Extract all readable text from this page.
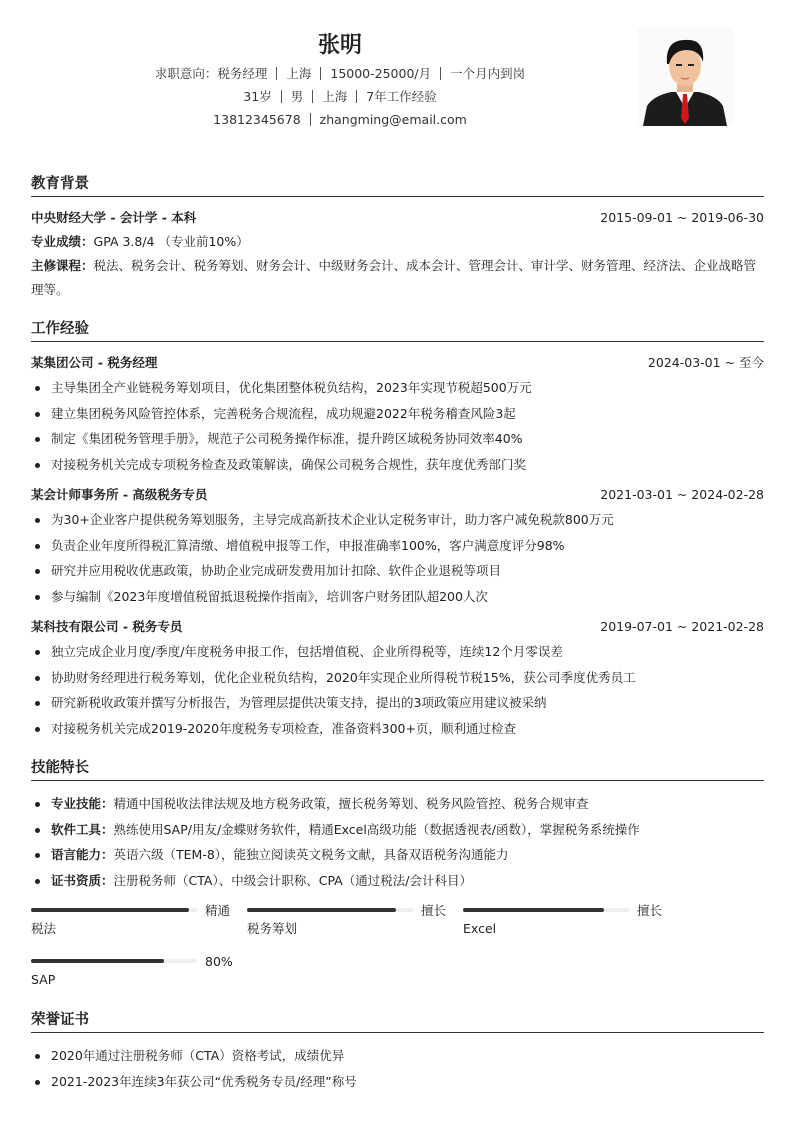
张明
求职意向：税务经理 上海 15000-25000/月 一个月内到岗
31岁 男 上海 7年工作经验
13812345678 zhangming@email.com
教育背景
中央财经大学 - 会计学 - 本科	2015-09-01 ~ 2019-06-30
专业成绩：GPA 3.8/4 （专业前10%）
主修课程：税法、税务会计、税务筹划、财务会计、中级财务会计、成本会计、管理会计、审计学、财务管理、经济法、企业战略管理等。
工作经验
某集团公司 - 税务经理	2024-03-01 ~ 至今
主导集团全产业链税务筹划项目，优化集团整体税负结构，2023年实现节税超500万元
建立集团税务风险管控体系，完善税务合规流程，成功规避2022年税务稽查风险3起
制定《集团税务管理手册》，规范子公司税务操作标准，提升跨区域税务协同效率40%
对接税务机关完成专项税务检查及政策解读，确保公司税务合规性，获年度优秀部门奖
某会计师事务所 - 高级税务专员	2021-03-01 ~ 2024-02-28
为30+企业客户提供税务筹划服务，主导完成高新技术企业认定税务审计，助力客户减免税款800万元
负责企业年度所得税汇算清缴、增值税申报等工作，申报准确率100%，客户满意度评分98%
研究并应用税收优惠政策，协助企业完成研发费用加计扣除、软件企业退税等项目
参与编制《2023年度增值税留抵退税操作指南》，培训客户财务团队超200人次
某科技有限公司 - 税务专员	2019-07-01 ~ 2021-02-28
独立完成企业月度/季度/年度税务申报工作，包括增值税、企业所得税等，连续12个月零误差
协助财务经理进行税务筹划，优化企业税负结构，2020年实现企业所得税节税15%，获公司季度优秀员工
研究新税收政策并撰写分析报告，为管理层提供决策支持，提出的3项政策应用建议被采纳
对接税务机关完成2019-2020年度税务专项检查，准备资料300+页，顺利通过检查
技能特长
专业技能：精通中国税收法律法规及地方税务政策，擅长税务筹划、税务风险管控、税务合规审查
软件工具：熟练使用SAP/用友/金蝶财务软件，精通Excel高级功能（数据透视表/函数），掌握税务系统操作
语言能力：英语六级（TEM-8），能独立阅读英文税务文献，具备双语税务沟通能力
证书资质：注册税务师（CTA）、中级会计职称、CPA（通过税法/会计科目）
精通
税法
擅长
税务筹划
擅长
Excel
80%
SAP
荣誉证书
2020年通过注册税务师（CTA）资格考试，成绩优异
2021-2023年连续3年获公司“优秀税务专员/经理”称号
